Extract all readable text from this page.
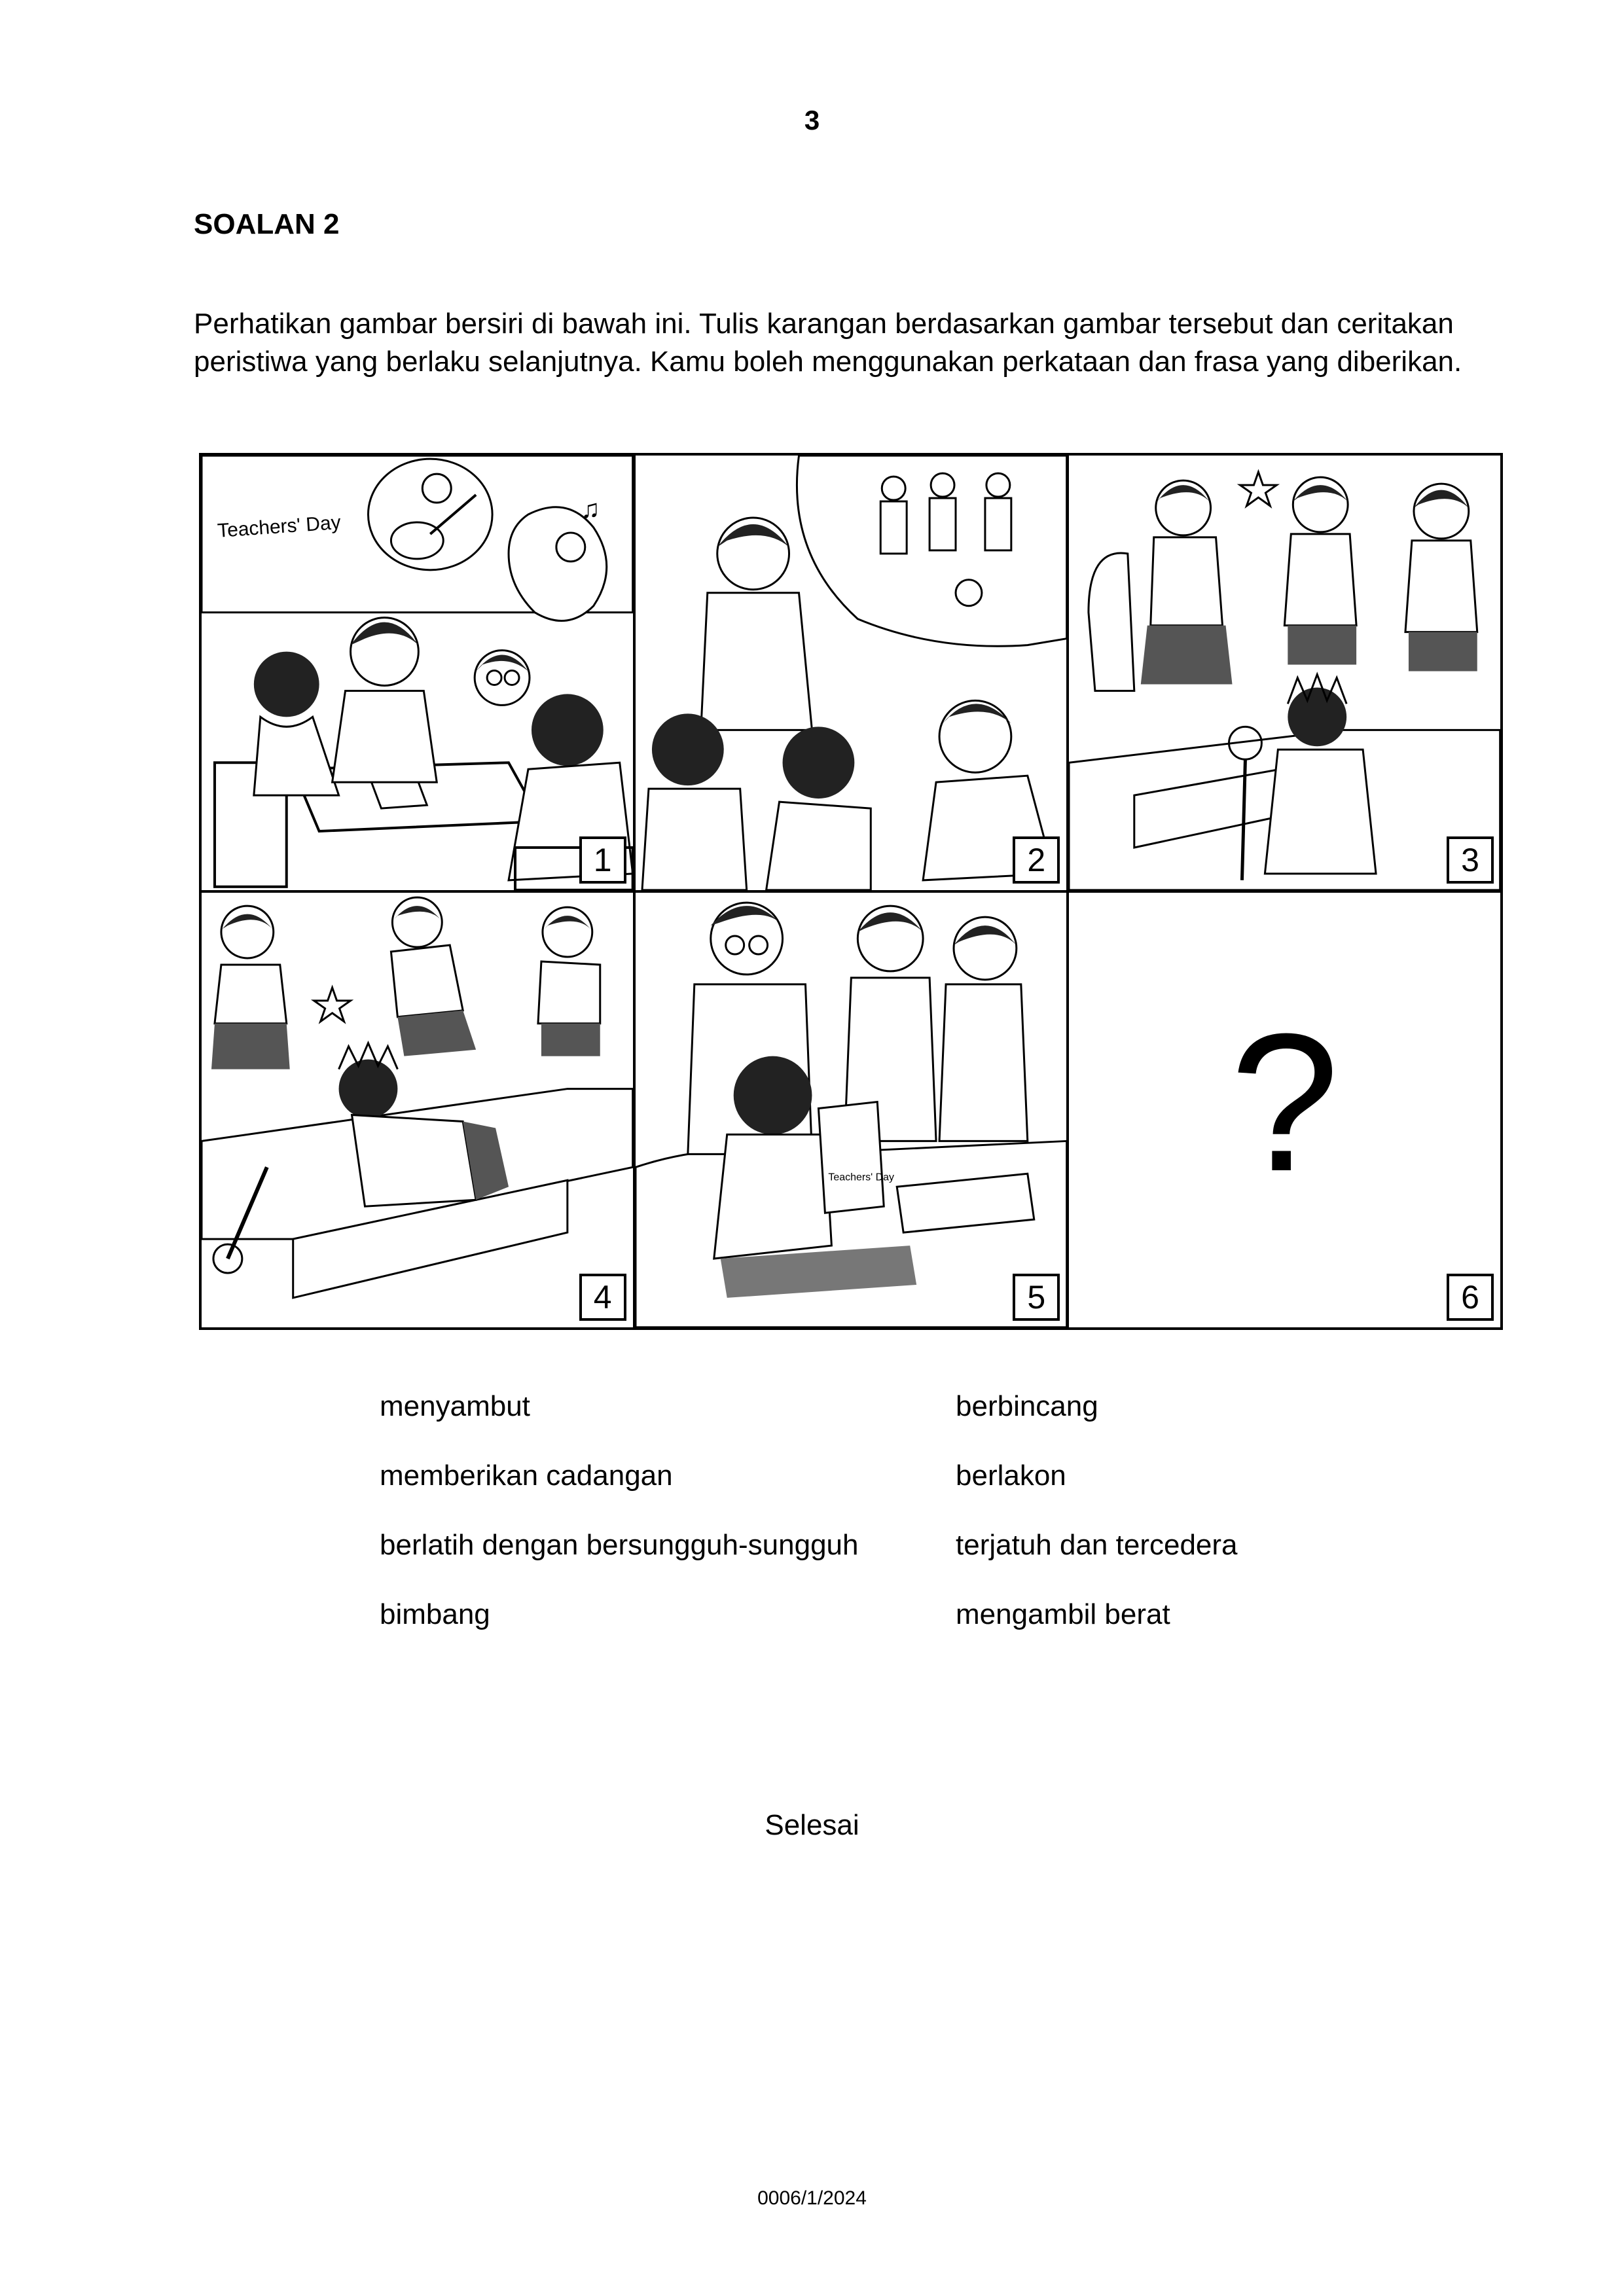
3
SOALAN 2
Perhatikan gambar bersiri di bawah ini. Tulis karangan berdasarkan gambar tersebut dan ceritakan peristiwa yang berlaku selanjutnya. Kamu boleh menggunakan perkataan dan frasa yang diberikan.
Teachers' Day
♫
1	2	3
4
Teachers' Day
5
?
6
menyambut	berbincang
memberikan cadangan	berlakon
berlatih dengan bersungguh-sungguh	terjatuh dan tercedera
bimbang	mengambil berat
Selesai
0006/1/2024
